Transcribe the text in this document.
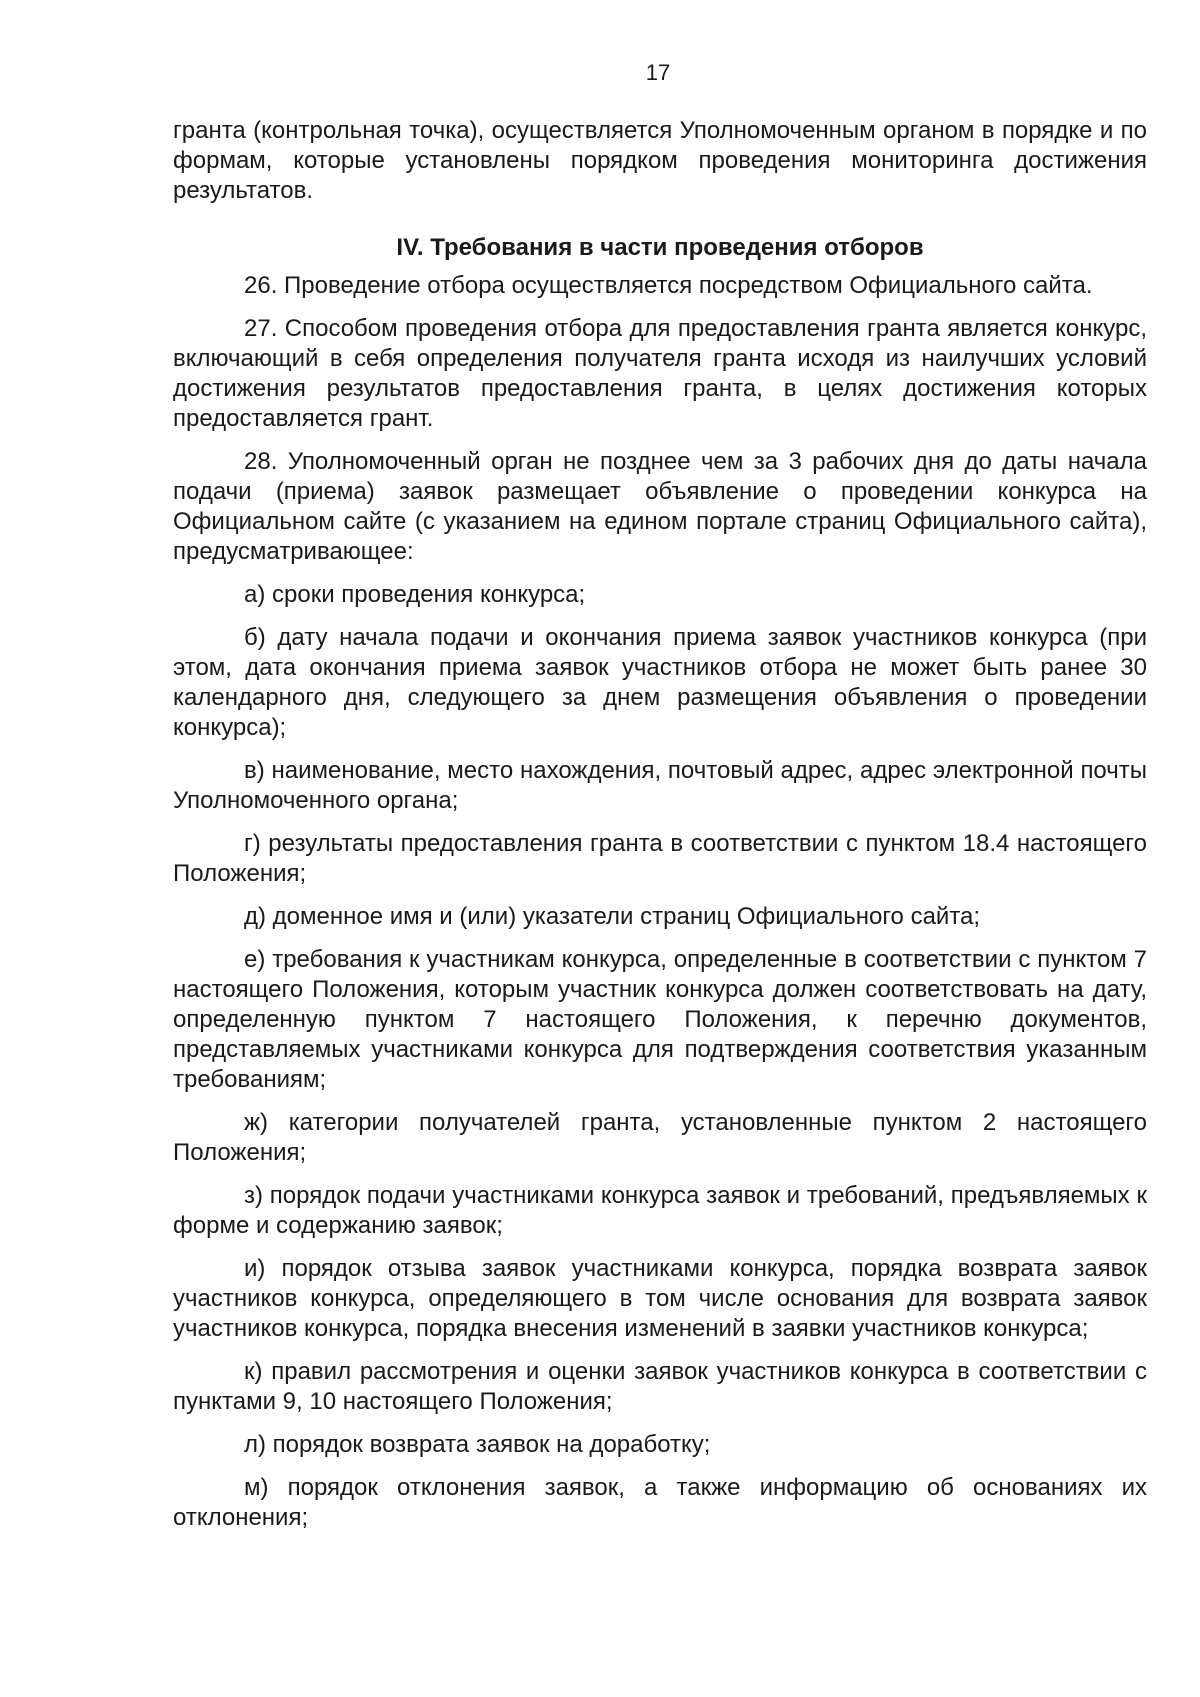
17

гранта (контрольная точка), осуществляется Уполномоченным органом в порядке и по формам, которые установлены порядком проведения мониторинга достижения результатов.

IV. Требования в части проведения отборов

26. Проведение отбора осуществляется посредством Официального сайта.

27. Способом проведения отбора для предоставления гранта является конкурс, включающий в себя определения получателя гранта исходя из наилучших условий достижения результатов предоставления гранта, в целях достижения которых предоставляется грант.

28. Уполномоченный орган не позднее чем за 3 рабочих дня до даты начала подачи (приема) заявок размещает объявление о проведении конкурса на Официальном сайте (с указанием на едином портале страниц Официального сайта), предусматривающее:

а) сроки проведения конкурса;

б) дату начала подачи и окончания приема заявок участников конкурса (при этом, дата окончания приема заявок участников отбора не может быть ранее 30 календарного дня, следующего за днем размещения объявления о проведении конкурса);

в) наименование, место нахождения, почтовый адрес, адрес электронной почты Уполномоченного органа;

г) результаты предоставления гранта в соответствии с пунктом 18.4 настоящего Положения;

д) доменное имя и (или) указатели страниц Официального сайта;

е) требования к участникам конкурса, определенные в соответствии с пунктом 7 настоящего Положения, которым участник конкурса должен соответствовать на дату, определенную пунктом 7 настоящего Положения, к перечню документов, представляемых участниками конкурса для подтверждения соответствия указанным требованиям;

ж) категории получателей гранта, установленные пунктом 2 настоящего Положения;

з) порядок подачи участниками конкурса заявок и требований, предъявляемых к форме и содержанию заявок;

и) порядок отзыва заявок участниками конкурса, порядка возврата заявок участников конкурса, определяющего в том числе основания для возврата заявок участников конкурса, порядка внесения изменений в заявки участников конкурса;

к) правил рассмотрения и оценки заявок участников конкурса в соответствии с пунктами 9, 10 настоящего Положения;

л) порядок возврата заявок на доработку;

м) порядок отклонения заявок, а также информацию об основаниях их отклонения;
